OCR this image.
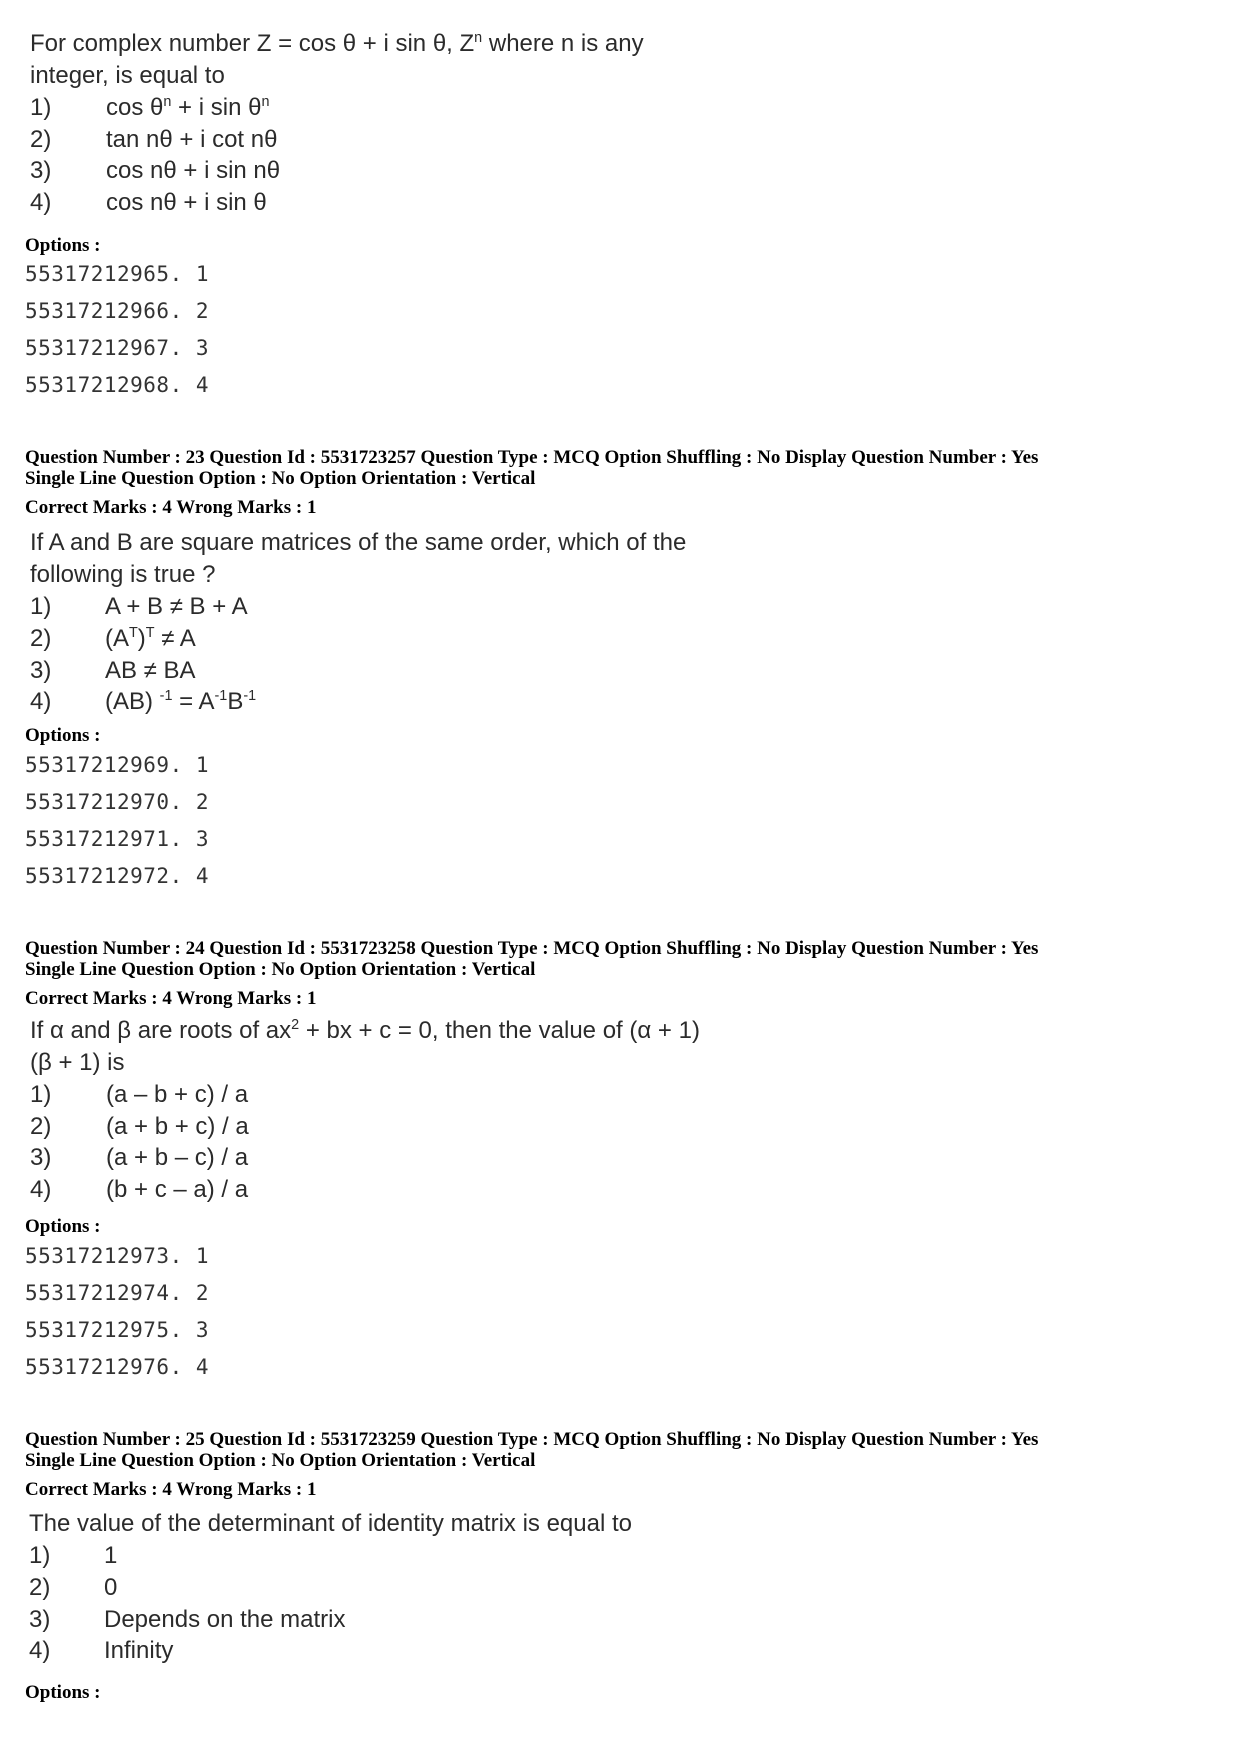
For complex number Z = cos θ + i sin θ, $Z^n$ where n is any
integer, is equal to
1) $\cos \theta^n + i$ $\sin \theta^n$
2) tan nθ + i cot nθ
3) cos nθ + i sin nθ
4) cos nθ + i sin θ
Options :
55317212965. 1
55317212966. 2
55317212967. 3
55317212968. 4
Question Number : 23 Question Id : 5531723257 Question Type : MCQ Option Shuffling : No Display Question Number : Yes
Single Line Question Option : No Option Orientation : Vertical
Correct Marks : 4 Wrong Marks : 1
If A and B are square matrices of the same order, which of the
following is true ?
1) A + B ≠ B + A
2) $(A^T)^T \ne A$
3) AB ≠ BA
4) (AB) $^{-1} = A^{-1}B^{-1}$
Options :
55317212969. 1
55317212970. 2
55317212971. 3
55317212972. 4
Question Number : 24 Question Id : 5531723258 Question Type : MCQ Option Shuffling : No Display Question Number : Yes
Single Line Question Option : No Option Orientation : Vertical
Correct Marks : 4 Wrong Marks : 1
If α and β are roots of $ax^2$ + bx + c = 0, then the value of (α + 1)
(β + 1) is
1) (a – b + c) / a
2) (a + b + c) / a
3) (a + b – c) / a
4) (b + c – a) / a
Options :
55317212973. 1
55317212974. 2
55317212975. 3
55317212976. 4
Question Number : 25 Question Id : 5531723259 Question Type : MCQ Option Shuffling : No Display Question Number : Yes
Single Line Question Option : No Option Orientation : Vertical
Correct Marks : 4 Wrong Marks : 1
The value of the determinant of identity matrix is equal to
1) 1
2) 0
3) Depends on the matrix
4) Infinity
Options :
